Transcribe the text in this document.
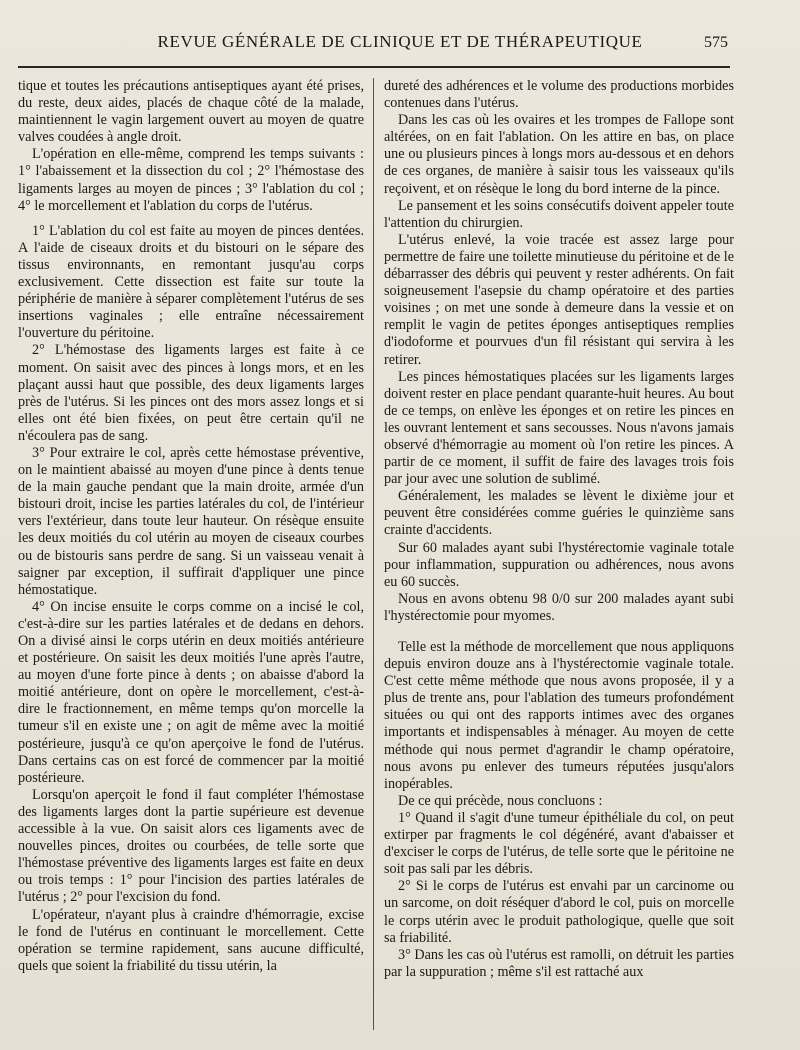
REVUE GÉNÉRALE DE CLINIQUE ET DE THÉRAPEUTIQUE	575

tique et toutes les précautions antiseptiques ayant été prises, du reste, deux aides, placés de chaque côté de la malade, maintiennent le vagin largement ouvert au moyen de quatre valves coudées à angle droit.

L'opération en elle-même, comprend les temps suivants : 1° l'abaissement et la dissection du col ; 2° l'hémostase des ligaments larges au moyen de pinces ; 3° l'ablation du col ; 4° le morcellement et l'ablation du corps de l'utérus.

1° L'ablation du col est faite au moyen de pinces dentées. A l'aide de ciseaux droits et du bistouri on le sépare des tissus environnants, en remontant jusqu'au corps exclusivement. Cette dissection est faite sur toute la périphérie de manière à séparer complètement l'utérus de ses insertions vaginales ; elle entraîne nécessairement l'ouverture du péritoine.

2° L'hémostase des ligaments larges est faite à ce moment. On saisit avec des pinces à longs mors, et en les plaçant aussi haut que possible, des deux ligaments larges près de l'utérus. Si les pinces ont des mors assez longs et si elles ont été bien fixées, on peut être certain qu'il ne n'écoulera pas de sang.

3° Pour extraire le col, après cette hémostase préventive, on le maintient abaissé au moyen d'une pince à dents tenue de la main gauche pendant que la main droite, armée d'un bistouri droit, incise les parties latérales du col, de l'intérieur vers l'extérieur, dans toute leur hauteur. On résèque ensuite les deux moitiés du col utérin au moyen de ciseaux courbes ou de bistouris sans perdre de sang. Si un vaisseau venait à saigner par exception, il suffirait d'appliquer une pince hémostatique.

4° On incise ensuite le corps comme on a incisé le col, c'est-à-dire sur les parties latérales et de dedans en dehors. On a divisé ainsi le corps utérin en deux moitiés antérieure et postérieure. On saisit les deux moitiés l'une après l'autre, au moyen d'une forte pince à dents ; on abaisse d'abord la moitié antérieure, dont on opère le morcellement, c'est-à-dire le fractionnement, en même temps qu'on morcelle la tumeur s'il en existe une ; on agit de même avec la moitié postérieure, jusqu'à ce qu'on aperçoive le fond de l'utérus. Dans certains cas on est forcé de commencer par la moitié postérieure.

Lorsqu'on aperçoit le fond il faut compléter l'hémostase des ligaments larges dont la partie supérieure est devenue accessible à la vue. On saisit alors ces ligaments avec de nouvelles pinces, droites ou courbées, de telle sorte que l'hémostase préventive des ligaments larges est faite en deux ou trois temps : 1° pour l'incision des parties latérales de l'utérus ; 2° pour l'excision du fond.

L'opérateur, n'ayant plus à craindre d'hémorragie, excise le fond de l'utérus en continuant le morcellement. Cette opération se termine rapidement, sans aucune difficulté, quels que soient la friabilité du tissu utérin, la

dureté des adhérences et le volume des productions morbides contenues dans l'utérus.

Dans les cas où les ovaires et les trompes de Fallope sont altérées, on en fait l'ablation. On les attire en bas, on place une ou plusieurs pinces à longs mors au-dessous et en dehors de ces organes, de manière à saisir tous les vaisseaux qu'ils reçoivent, et on résèque le long du bord interne de la pince.

Le pansement et les soins consécutifs doivent appeler toute l'attention du chirurgien.

L'utérus enlevé, la voie tracée est assez large pour permettre de faire une toilette minutieuse du péritoine et de le débarrasser des débris qui peuvent y rester adhérents. On fait soigneusement l'asepsie du champ opératoire et des parties voisines ; on met une sonde à demeure dans la vessie et on remplit le vagin de petites éponges antiseptiques remplies d'iodoforme et pourvues d'un fil résistant qui servira à les retirer.

Les pinces hémostatiques placées sur les ligaments larges doivent rester en place pendant quarante-huit heures. Au bout de ce temps, on enlève les éponges et on retire les pinces en les ouvrant lentement et sans secousses. Nous n'avons jamais observé d'hémorragie au moment où l'on retire les pinces. A partir de ce moment, il suffit de faire des lavages trois fois par jour avec une solution de sublimé.

Généralement, les malades se lèvent le dixième jour et peuvent être considérées comme guéries le quinzième sans crainte d'accidents.

Sur 60 malades ayant subi l'hystérectomie vaginale totale pour inflammation, suppuration ou adhérences, nous avons eu 60 succès.

Nous en avons obtenu 98 0/0 sur 200 malades ayant subi l'hystérectomie pour myomes.

Telle est la méthode de morcellement que nous appliquons depuis environ douze ans à l'hystérectomie vaginale totale. C'est cette même méthode que nous avons proposée, il y a plus de trente ans, pour l'ablation des tumeurs profondément situées ou qui ont des rapports intimes avec des organes importants et indispensables à ménager. Au moyen de cette méthode qui nous permet d'agrandir le champ opératoire, nous avons pu enlever des tumeurs réputées jusqu'alors inopérables.

De ce qui précède, nous concluons :

1° Quand il s'agit d'une tumeur épithéliale du col, on peut extirper par fragments le col dégénéré, avant d'abaisser et d'exciser le corps de l'utérus, de telle sorte que le péritoine ne soit pas sali par les débris.

2° Si le corps de l'utérus est envahi par un carcinome ou un sarcome, on doit réséquer d'abord le col, puis on morcelle le corps utérin avec le produit pathologique, quelle que soit sa friabilité.

3° Dans les cas où l'utérus est ramolli, on détruit les parties par la suppuration ; même s'il est rattaché aux
